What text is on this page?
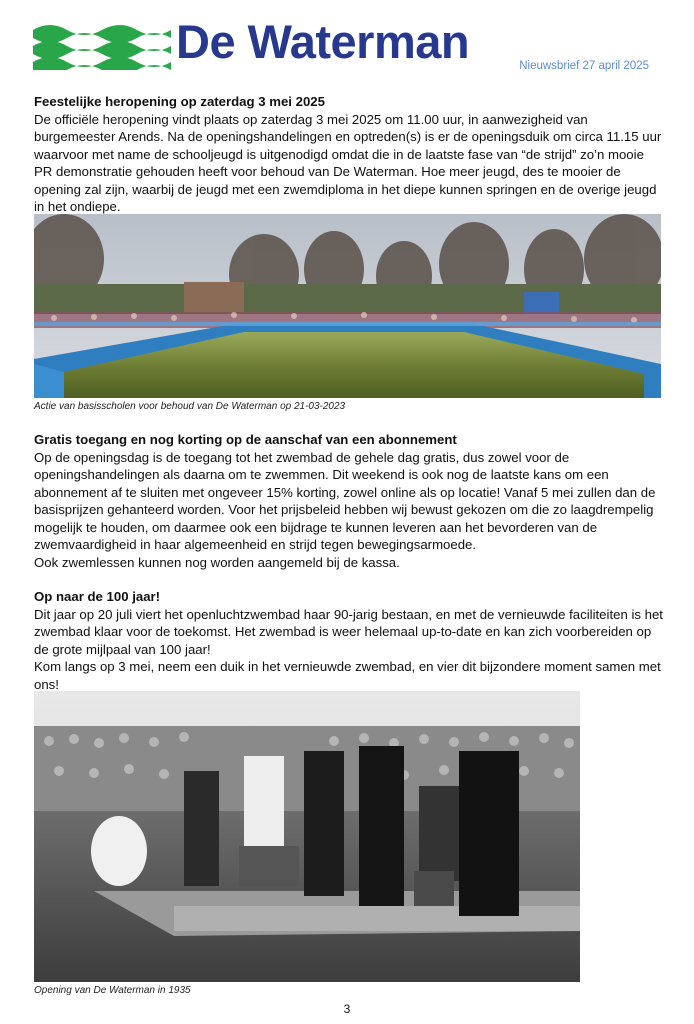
De Waterman	Nieuwsbrief 27 april 2025
Feestelijke heropening op zaterdag 3 mei 2025

De officiële heropening vindt plaats op zaterdag 3 mei 2025 om 11.00 uur, in aanwezigheid van burgemeester Arends. Na de openingshandelingen en optreden(s) is er de openingsduik om circa 11.15 uur waarvoor met name de schooljeugd is uitgenodigd omdat die in de laatste fase van “de strijd” zo’n mooie PR demonstratie gehouden heeft voor behoud van De Waterman. Hoe meer jeugd, des te mooier de opening zal zijn, waarbij de jeugd met een zwemdiploma in het diepe kunnen springen en de overige jeugd in het ondiepe.

Actie van basisscholen voor behoud van De Waterman op 21-03-2023
Gratis toegang en nog korting op de aanschaf van een abonnement

Op de openingsdag is de toegang tot het zwembad de gehele dag gratis, dus zowel voor de openingshandelingen als daarna om te zwemmen. Dit weekend is ook nog de laatste kans om een abonnement af te sluiten met ongeveer 15% korting, zowel online als op locatie! Vanaf 5 mei zullen dan de basisprijzen gehanteerd worden. Voor het prijsbeleid hebben wij bewust gekozen om die zo laagdrempelig mogelijk te houden, om daarmee ook een bijdrage te kunnen leveren aan het bevorderen van de zwemvaardigheid in haar algemeenheid en strijd tegen bewegingsarmoede.

Ook zwemlessen kunnen nog worden aangemeld bij de kassa.

Op naar de 100 jaar!

Dit jaar op 20 juli viert het openluchtzwembad haar 90-jarig bestaan, en met de vernieuwde faciliteiten is het zwembad klaar voor de toekomst. Het zwembad is weer helemaal up-to-date en kan zich voorbereiden op de grote mijlpaal van 100 jaar!

Kom langs op 3 mei, neem een duik in het vernieuwde zwembad, en vier dit bijzondere moment samen met ons!

Opening van De Waterman in 1935
3
